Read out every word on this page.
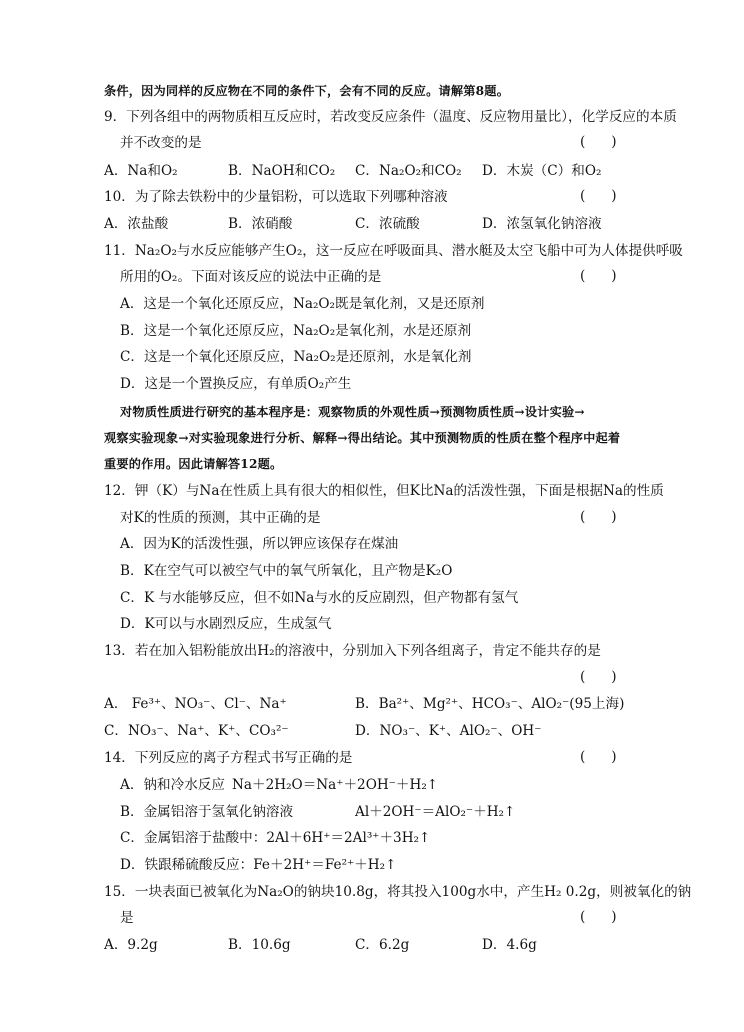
条件，因为同样的反应物在不同的条件下，会有不同的反应。请解第8题。
9．下列各组中的两物质相互反应时，若改变反应条件（温度、反应物用量比），化学反应的本质
并不改变的是	(      )
A．Na和O₂	B．NaOH和CO₂ C．Na₂O₂和CO₂ D．木炭（C）和O₂
10．为了除去铁粉中的少量铝粉，可以选取下列哪种溶液	(      )
A．浓盐酸	B．浓硝酸	C．浓硫酸	D．浓氢氧化钠溶液
11．Na₂O₂与水反应能够产生O₂，这一反应在呼吸面具、潜水艇及太空飞船中可为人体提供呼吸
所用的O₂。下面对该反应的说法中正确的是	(      )
A．这是一个氧化还原反应，Na₂O₂既是氧化剂，又是还原剂
B．这是一个氧化还原反应，Na₂O₂是氧化剂，水是还原剂
C．这是一个氧化还原反应，Na₂O₂是还原剂，水是氧化剂
D．这是一个置换反应，有单质O₂产生
对物质性质进行研究的基本程序是：观察物质的外观性质→预测物质性质→设计实验→
观察实验现象→对实验现象进行分析、解释→得出结论。其中预测物质的性质在整个程序中起着
重要的作用。因此请解答12题。
12．钾（K）与Na在性质上具有很大的相似性，但K比Na的活泼性强，下面是根据Na的性质
对K的性质的预测，其中正确的是	(      )
A．因为K的活泼性强，所以钾应该保存在煤油
B．K在空气可以被空气中的氧气所氧化，且产物是K₂O
C．K 与水能够反应，但不如Na与水的反应剧烈，但产物都有氢气
D．K可以与水剧烈反应，生成氢气
13．若在加入铝粉能放出H₂的溶液中，分别加入下列各组离子，肯定不能共存的是
(      )
A． Fe³⁺、NO₃⁻、Cl⁻、Na⁺	B．Ba²⁺、Mg²⁺、HCO₃⁻、AlO₂⁻(95上海)
C．NO₃⁻、Na⁺、K⁺、CO₃²⁻	D．NO₃⁻、K⁺、AlO₂⁻、OH⁻
14．下列反应的离子方程式书写正确的是	(      )
A．钠和冷水反应 Na＋2H₂O＝Na⁺＋2OH⁻＋H₂↑
B．金属铝溶于氢氧化钠溶液	Al＋2OH⁻＝AlO₂⁻＋H₂↑
C．金属铝溶于盐酸中：2Al＋6H⁺＝2Al³⁺＋3H₂↑
D．铁跟稀硫酸反应：Fe＋2H⁺＝Fe²⁺＋H₂↑
15．一块表面已被氧化为Na₂O的钠块10.8g，将其投入100g水中，产生H₂ 0.2g，则被氧化的钠
是	(      )
A．9.2g	B．10.6g	C．6.2g	D．4.6g
